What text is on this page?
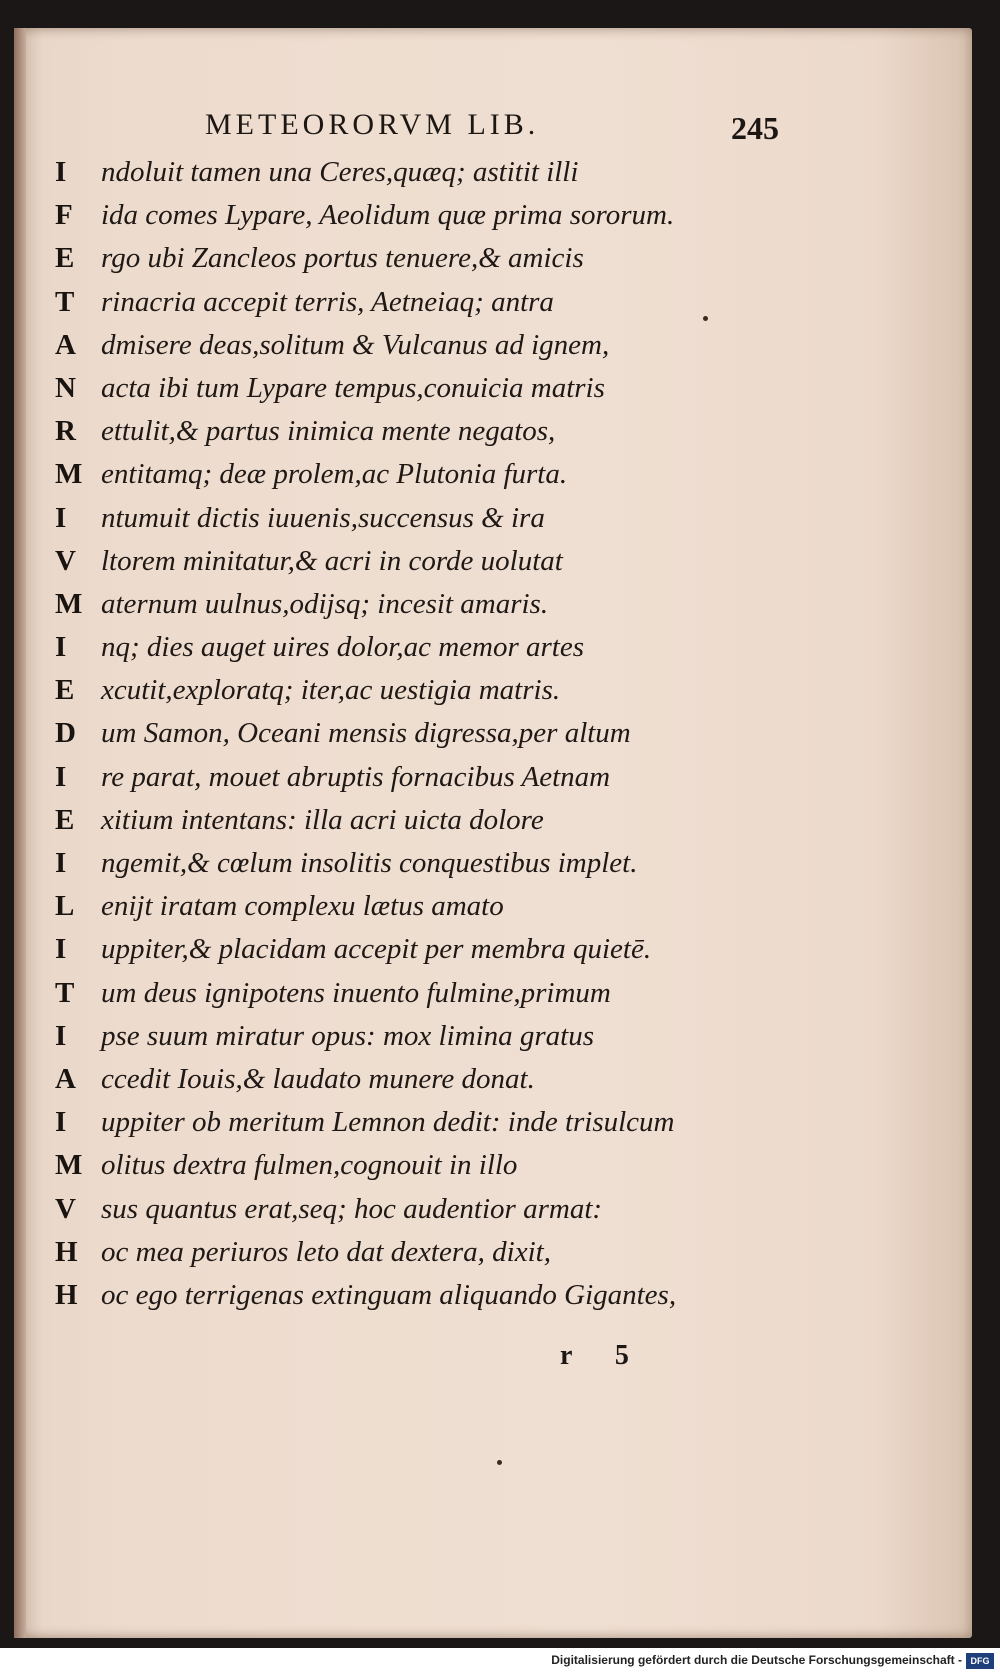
METEORORVM LIB.	245
I	ndoluit tamen una Ceres,quæq; astitit illi
F ida comes Lypare, Aeolidum quæ prima sororum.
E rgo ubi Zancleos portus tenuere,& amicis
T rinacria accepit terris, Aetneiaq; antra
A dmisere deas,solitum & Vulcanus ad ignem,
N acta ibi tum Lypare tempus,conuicia matris
R ettulit,& partus inimica mente negatos,
M entitamq; deæ prolem,ac Plutonia furta.
I	ntumuit dictis iuuenis,succensus & ira
V ltorem minitatur,& acri in corde uolutat
M aternum uulnus,odijsq; incesit amaris.
I	nq; dies auget uires dolor,ac memor artes
E xcutit,exploratq; iter,ac uestigia matris.
D um Samon, Oceani mensis digressa,per altum
I	re parat, mouet abruptis fornacibus Aetnam
E xitium intentans: illa acri uicta dolore
I	ngemit,& cœlum insolitis conquestibus implet.
L enijt iratam complexu lætus amato
I	uppiter,& placidam accepit per membra quietē.
T um deus ignipotens inuento fulmine,primum
I	pse suum miratur opus: mox limina gratus
A ccedit Iouis,& laudato munere donat.
I	uppiter ob meritum Lemnon dedit: inde trisulcum
M olitus dextra fulmen,cognouit in illo
V sus quantus erat,seq; hoc audentior armat:
H oc mea periuros leto dat dextera, dixit,
H oc ego terrigenas extinguam aliquando Gigantes,
r 5
Digitalisierung gefördert durch die Deutsche Forschungsgemeinschaft - DFG
